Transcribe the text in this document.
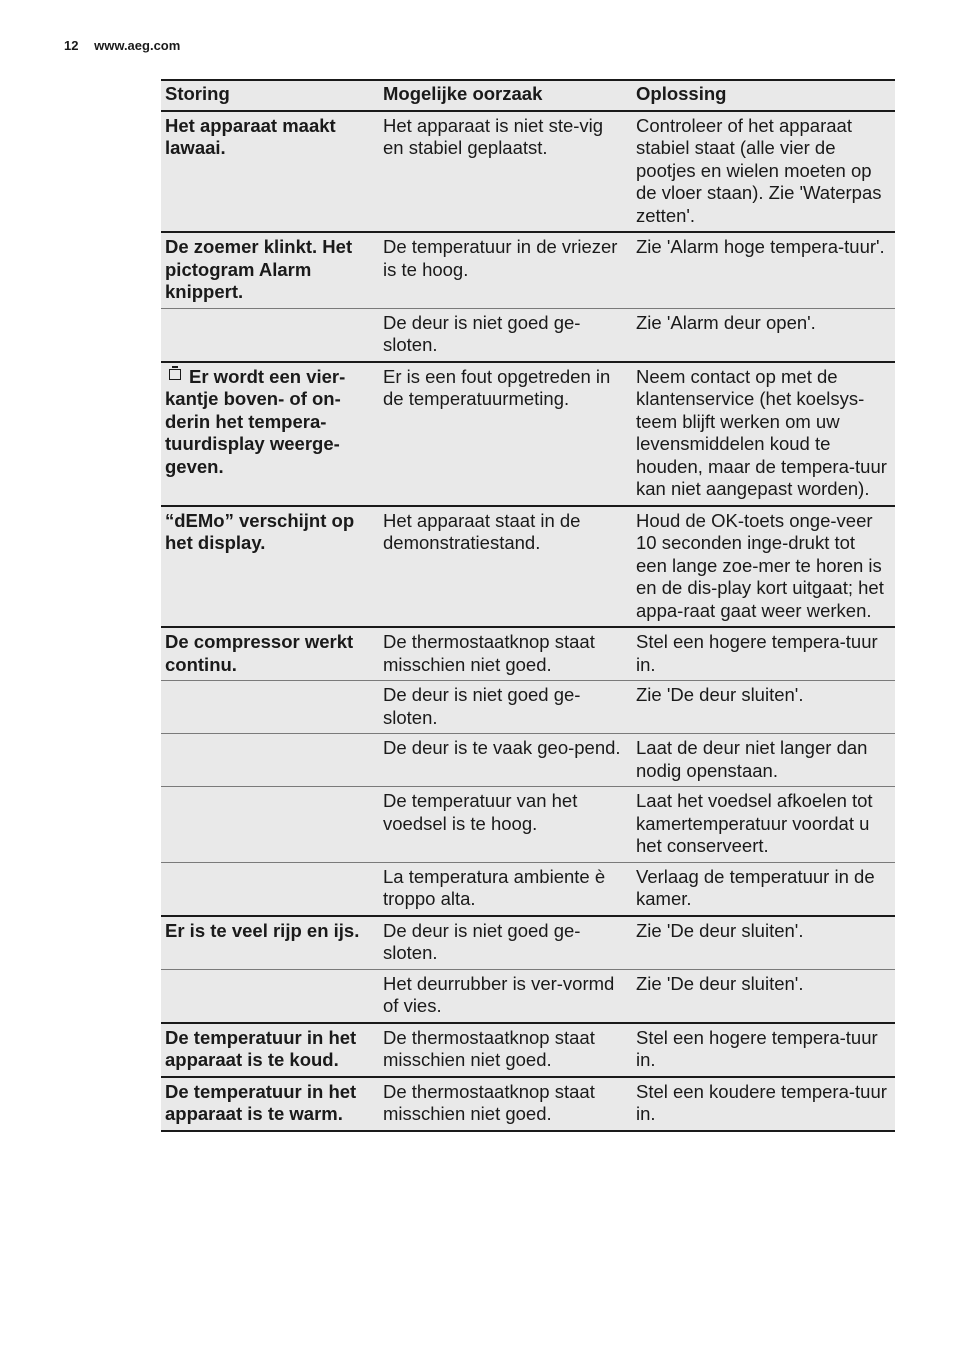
12 www.aeg.com
Storing	Mogelijke oorzaak	Oplossing
Het apparaat maakt lawaai.	Het apparaat is niet ste-vig en stabiel geplaatst.	Controleer of het apparaat stabiel staat (alle vier de pootjes en wielen moeten op de vloer staan). Zie 'Waterpas zetten'.
De zoemer klinkt. Het pictogram Alarm knippert.	De temperatuur in de vriezer is te hoog.	Zie 'Alarm hoge tempera-tuur'.
	De deur is niet goed ge-sloten.	Zie 'Alarm deur open'.
Er wordt een vier-kantje boven- of on-derin het tempera-tuurdisplay weerge-geven.	Er is een fout opgetreden in de temperatuurmeting.	Neem contact op met de klantenservice (het koelsys-teem blijft werken om uw levensmiddelen koud te houden, maar de tempera-tuur kan niet aangepast worden).
“dEMo” verschijnt op het display.	Het apparaat staat in de demonstratiestand.	Houd de OK-toets onge-veer 10 seconden inge-drukt tot een lange zoe-mer te horen is en de dis-play kort uitgaat; het appa-raat gaat weer werken.
De compressor werkt continu.	De thermostaatknop staat misschien niet goed.	Stel een hogere tempera-tuur in.
	De deur is niet goed ge-sloten.	Zie 'De deur sluiten'.
	De deur is te vaak geo-pend.	Laat de deur niet langer dan nodig openstaan.
	De temperatuur van het voedsel is te hoog.	Laat het voedsel afkoelen tot kamertemperatuur voordat u het conserveert.
	La temperatura ambiente è troppo alta.	Verlaag de temperatuur in de kamer.
Er is te veel rijp en ijs.	De deur is niet goed ge-sloten.	Zie 'De deur sluiten'.
	Het deurrubber is ver-vormd of vies.	Zie 'De deur sluiten'.
De temperatuur in het apparaat is te koud.	De thermostaatknop staat misschien niet goed.	Stel een hogere tempera-tuur in.
De temperatuur in het apparaat is te warm.	De thermostaatknop staat misschien niet goed.	Stel een koudere tempera-tuur in.
